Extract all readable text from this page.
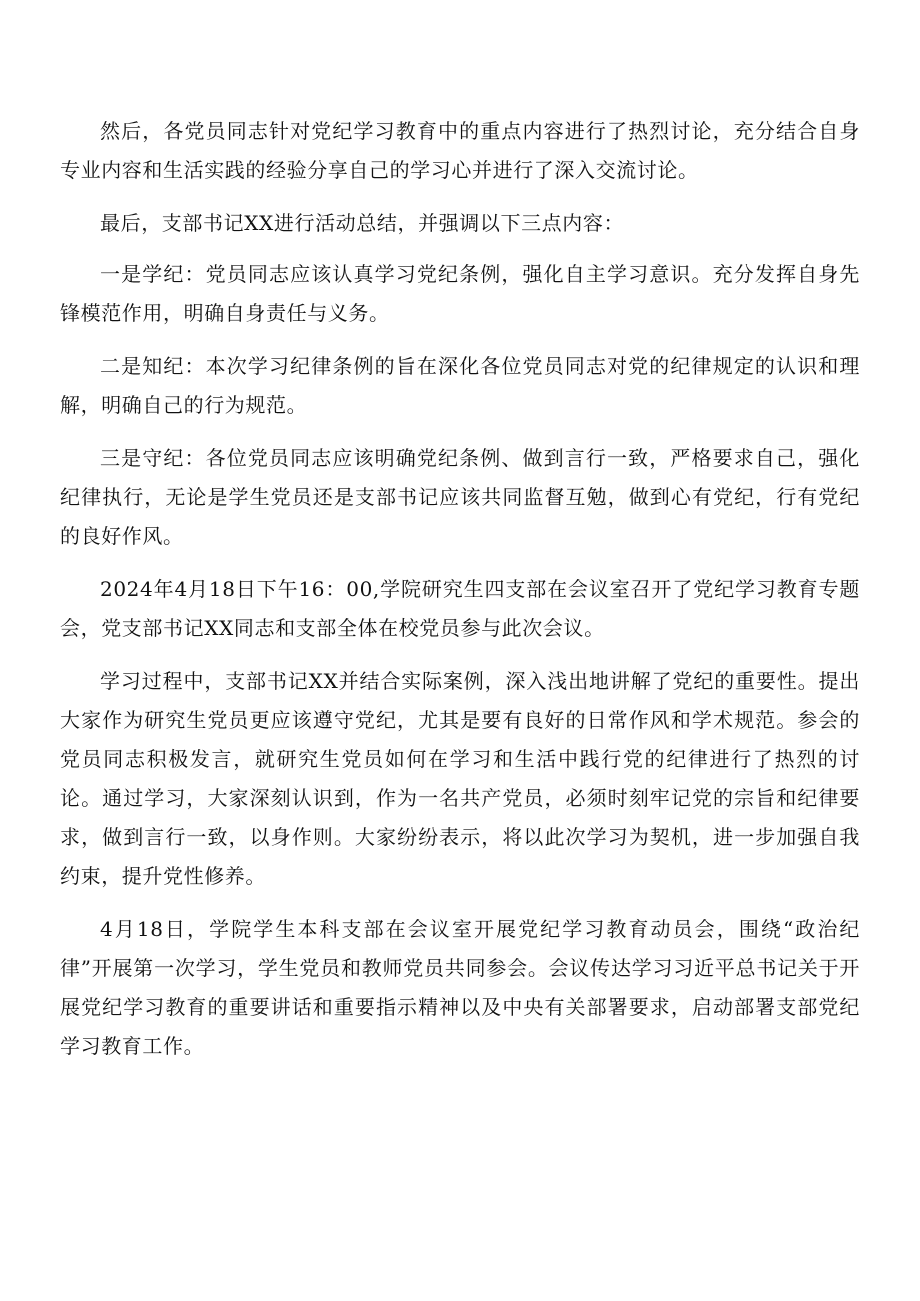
然后，各党员同志针对党纪学习教育中的重点内容进行了热烈讨论，充分结合自身专业内容和生活实践的经验分享自己的学习心并进行了深入交流讨论。

最后，支部书记XX进行活动总结，并强调以下三点内容：

一是学纪：党员同志应该认真学习党纪条例，强化自主学习意识。充分发挥自身先锋模范作用，明确自身责任与义务。

二是知纪：本次学习纪律条例的旨在深化各位党员同志对党的纪律规定的认识和理解，明确自己的行为规范。

三是守纪：各位党员同志应该明确党纪条例、做到言行一致，严格要求自己，强化纪律执行，无论是学生党员还是支部书记应该共同监督互勉，做到心有党纪，行有党纪的良好作风。

2024年4月18日下午16：00,学院研究生四支部在会议室召开了党纪学习教育专题会，党支部书记XX同志和支部全体在校党员参与此次会议。

学习过程中，支部书记XX并结合实际案例，深入浅出地讲解了党纪的重要性。提出大家作为研究生党员更应该遵守党纪，尤其是要有良好的日常作风和学术规范。参会的党员同志积极发言，就研究生党员如何在学习和生活中践行党的纪律进行了热烈的讨论。通过学习，大家深刻认识到，作为一名共产党员，必须时刻牢记党的宗旨和纪律要求，做到言行一致，以身作则。大家纷纷表示，将以此次学习为契机，进一步加强自我约束，提升党性修养。

4月18日，学院学生本科支部在会议室开展党纪学习教育动员会，围绕“政治纪律”开展第一次学习，学生党员和教师党员共同参会。会议传达学习习近平总书记关于开展党纪学习教育的重要讲话和重要指示精神以及中央有关部署要求，启动部署支部党纪学习教育工作。
